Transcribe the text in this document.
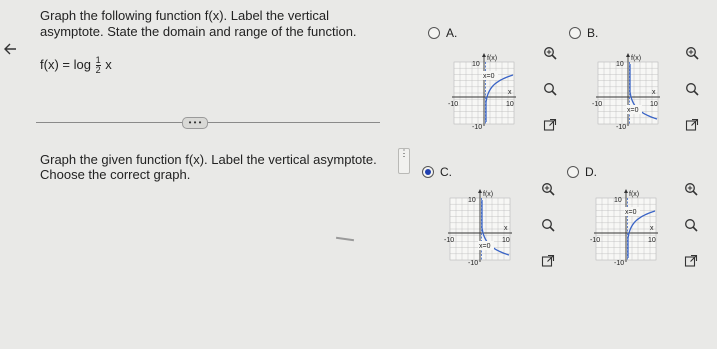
Graph the following function f(x). Label the vertical
asymptote. State the domain and range of the function.
$f(x) = \log \frac{1}{2}$ x
• • •
Graph the given function f(x). Label the vertical asymptote.
Choose the correct graph.
⋮
A.	B.
C.	D.
f(x)
x
10
-10	10
-10
x=0
f(x)
x
10
-10	10
-10
x=0
f(x)
x
10
-10	10
-10
x=0
f(x)
x
10
-10	10
-10
x=0
